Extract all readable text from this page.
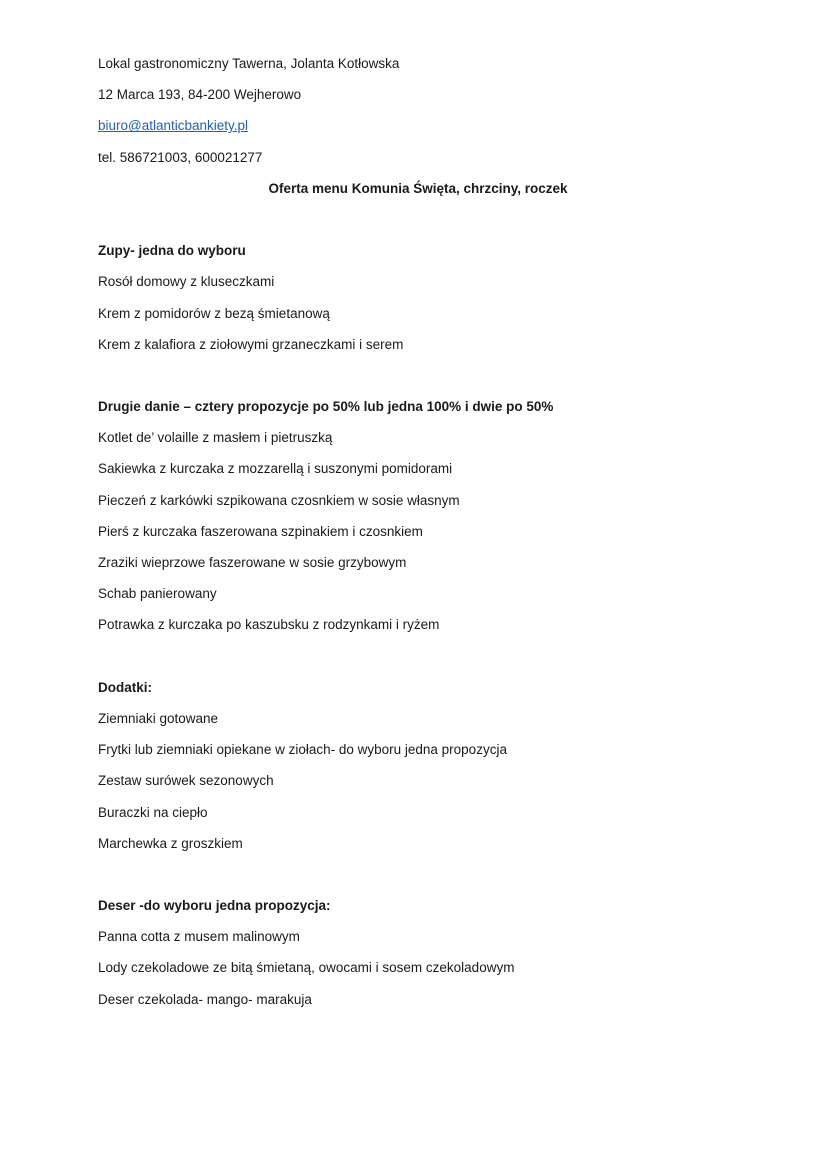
Lokal gastronomiczny Tawerna, Jolanta Kotłowska
12 Marca 193, 84-200 Wejherowo
biuro@atlanticbankiety.pl
tel. 586721003, 600021277
Oferta menu Komunia Święta, chrzciny, roczek
Zupy- jedna do wyboru
Rosół domowy z kluseczkami
Krem z pomidorów z bezą śmietanową
Krem z kalafiora z ziołowymi grzaneczkami i serem
Drugie danie – cztery propozycje po 50% lub jedna 100% i dwie po 50%
Kotlet de’ volaille z masłem i pietruszką
Sakiewka z kurczaka z mozzarellą i suszonymi pomidorami
Pieczeń z karkówki szpikowana czosnkiem w sosie własnym
Pierś z kurczaka faszerowana szpinakiem i czosnkiem
Zraziki wieprzowe faszerowane w sosie grzybowym
Schab panierowany
Potrawka z kurczaka po kaszubsku z rodzynkami i ryżem
Dodatki:
Ziemniaki gotowane
Frytki lub ziemniaki opiekane w ziołach- do wyboru jedna propozycja
Zestaw surówek sezonowych
Buraczki na ciepło
Marchewka z groszkiem
Deser -do wyboru jedna propozycja:
Panna cotta z musem malinowym
Lody czekoladowe ze bitą śmietaną, owocami i sosem czekoladowym
Deser czekolada- mango- marakuja
